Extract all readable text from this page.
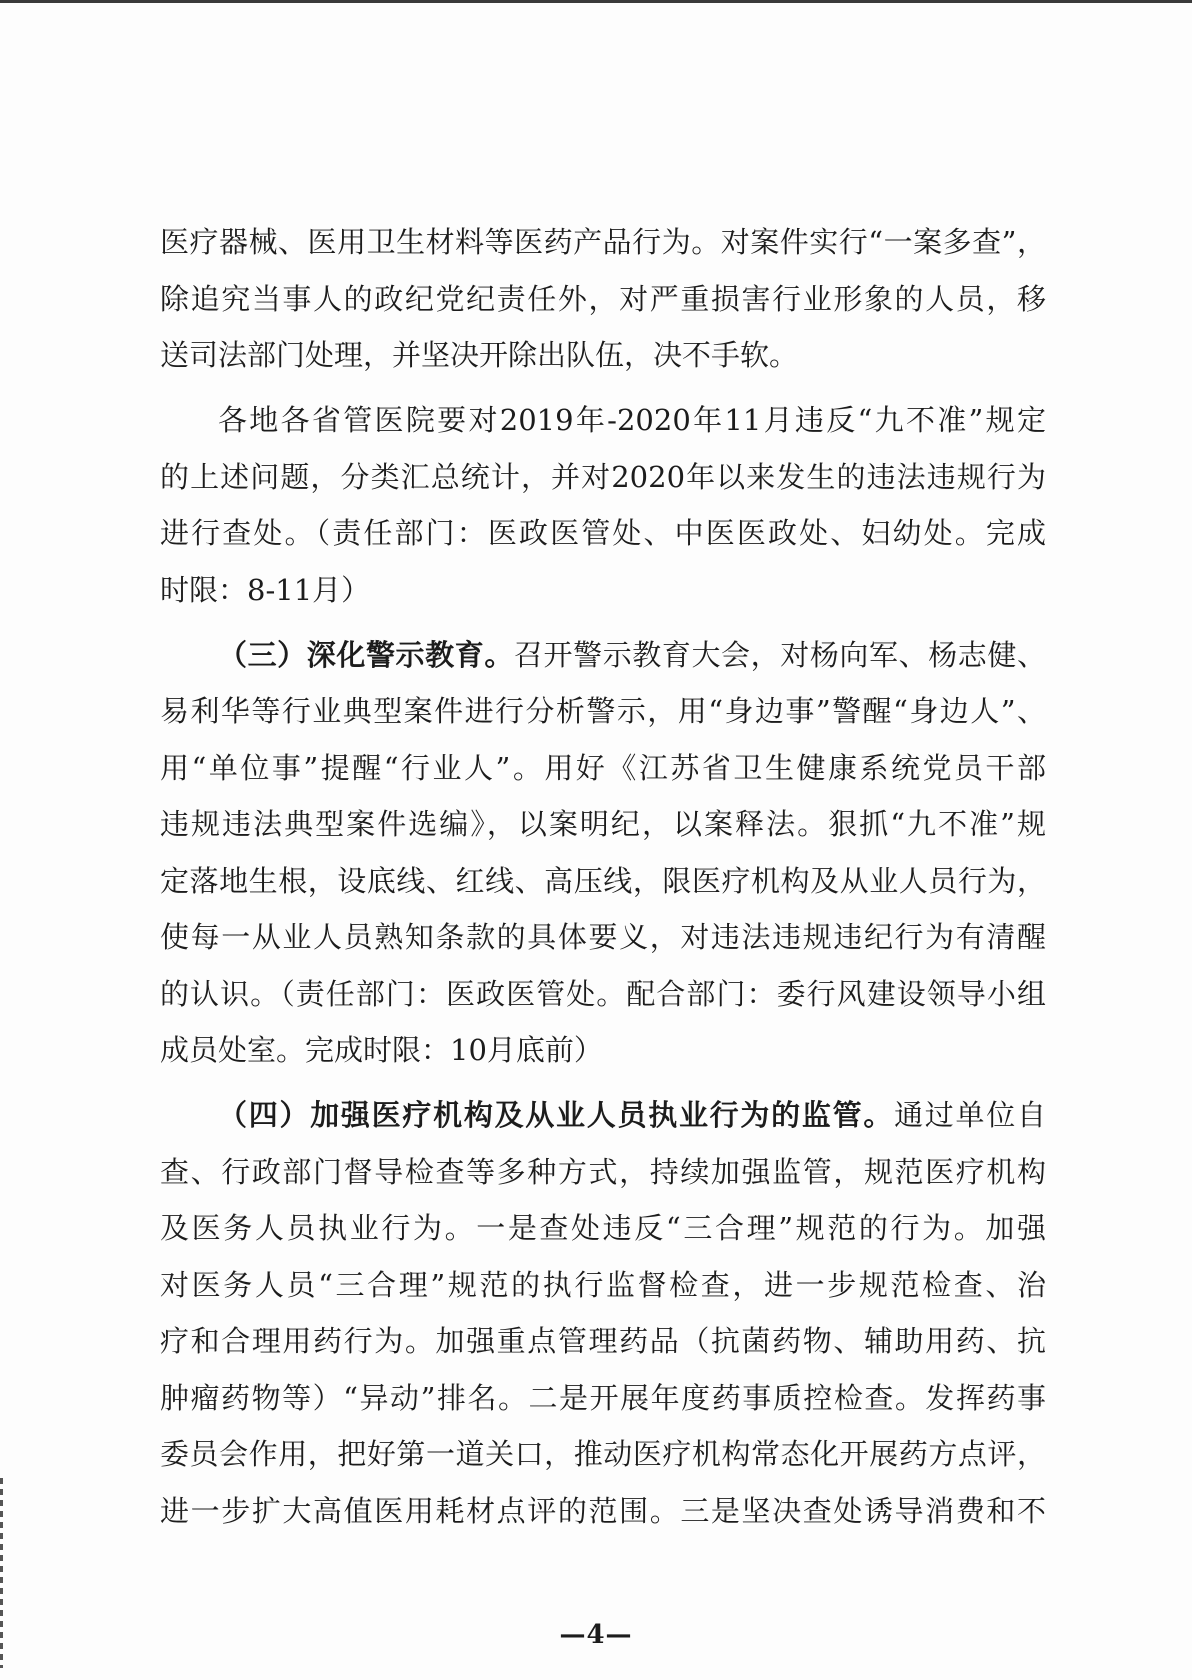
医疗器械、医用卫生材料等医药产品行为。对案件实行“一案多查”，
除追究当事人的政纪党纪责任外，对严重损害行业形象的人员，移
送司法部门处理，并坚决开除出队伍，决不手软。
各地各省管医院要对2019年-2020年11月违反“九不准”规定
的上述问题，分类汇总统计，并对2020年以来发生的违法违规行为
进行查处。（责任部门：医政医管处、中医医政处、妇幼处。完成
时限：8-11月）
（三）深化警示教育。召开警示教育大会，对杨向军、杨志健、
易利华等行业典型案件进行分析警示，用“身边事”警醒“身边人”、
用“单位事”提醒“行业人”。用好《江苏省卫生健康系统党员干部
违规违法典型案件选编》，以案明纪，以案释法。狠抓“九不准”规
定落地生根，设底线、红线、高压线，限医疗机构及从业人员行为，
使每一从业人员熟知条款的具体要义，对违法违规违纪行为有清醒
的认识。（责任部门：医政医管处。配合部门：委行风建设领导小组
成员处室。完成时限：10月底前）
（四）加强医疗机构及从业人员执业行为的监管。通过单位自
查、行政部门督导检查等多种方式，持续加强监管，规范医疗机构
及医务人员执业行为。一是查处违反“三合理”规范的行为。加强
对医务人员“三合理”规范的执行监督检查，进一步规范检查、治
疗和合理用药行为。加强重点管理药品（抗菌药物、辅助用药、抗
肿瘤药物等）“异动”排名。二是开展年度药事质控检查。发挥药事
委员会作用，把好第一道关口，推动医疗机构常态化开展药方点评，
进一步扩大高值医用耗材点评的范围。三是坚决查处诱导消费和不
—4—
